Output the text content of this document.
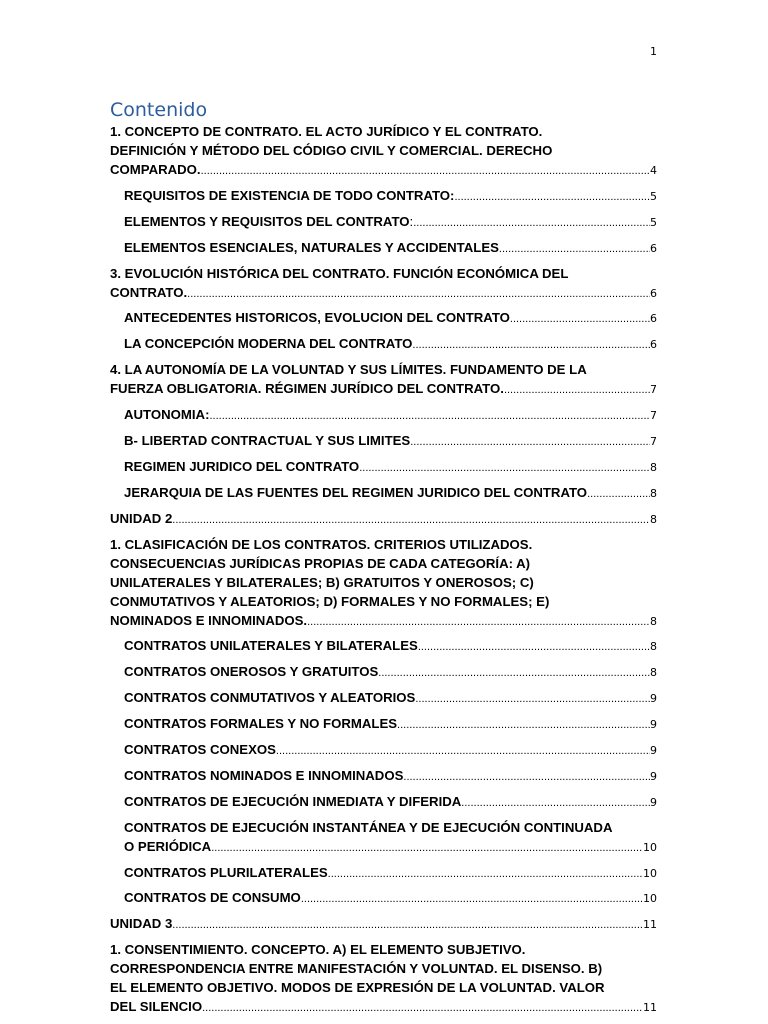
1
Contenido
1. CONCEPTO DE CONTRATO. EL ACTO JURÍDICO Y EL CONTRATO.
DEFINICIÓN Y MÉTODO DEL CÓDIGO CIVIL Y COMERCIAL. DERECHO
COMPARADO. .....	4
REQUISITOS DE EXISTENCIA DE TODO CONTRATO: .....	5
ELEMENTOS Y REQUISITOS DEL CONTRATO : .....	5
ELEMENTOS ESENCIALES, NATURALES Y ACCIDENTALES .....	6
3. EVOLUCIÓN HISTÓRICA DEL CONTRATO. FUNCIÓN ECONÓMICA DEL
CONTRATO. .....	6
ANTECEDENTES HISTORICOS, EVOLUCION DEL CONTRATO .....	6
LA CONCEPCIÓN MODERNA DEL CONTRATO .....	6
4. LA AUTONOMÍA DE LA VOLUNTAD Y SUS LÍMITES. FUNDAMENTO DE LA
FUERZA OBLIGATORIA. RÉGIMEN JURÍDICO DEL CONTRATO. .....	7
AUTONOMIA: .....	7
B- LIBERTAD CONTRACTUAL Y SUS LIMITES .....	7
REGIMEN JURIDICO DEL CONTRATO .....	8
JERARQUIA DE LAS FUENTES DEL REGIMEN JURIDICO DEL CONTRATO .....	8
UNIDAD 2 .....	8
1. CLASIFICACIÓN DE LOS CONTRATOS. CRITERIOS UTILIZADOS.
CONSECUENCIAS JURÍDICAS PROPIAS DE CADA CATEGORÍA: A)
UNILATERALES Y BILATERALES; B) GRATUITOS Y ONEROSOS; C)
CONMUTATIVOS Y ALEATORIOS; D) FORMALES Y NO FORMALES; E)
NOMINADOS E INNOMINADOS. .....	8
CONTRATOS UNILATERALES Y BILATERALES .....	8
CONTRATOS ONEROSOS Y GRATUITOS .....	8
CONTRATOS CONMUTATIVOS Y ALEATORIOS .....	9
CONTRATOS FORMALES Y NO FORMALES .....	9
CONTRATOS CONEXOS .....	9
CONTRATOS NOMINADOS E INNOMINADOS .....	9
CONTRATOS DE EJECUCIÓN INMEDIATA Y DIFERIDA .....	9
CONTRATOS DE EJECUCIÓN INSTANTÁNEA Y DE EJECUCIÓN CONTINUADA
O PERIÓDICA .....	10
CONTRATOS PLURILATERALES .....	10
CONTRATOS DE CONSUMO .....	10
UNIDAD 3 .....	11
1. CONSENTIMIENTO. CONCEPTO. A) EL ELEMENTO SUBJETIVO.
CORRESPONDENCIA ENTRE MANIFESTACIÓN Y VOLUNTAD. EL DISENSO. B)
EL ELEMENTO OBJETIVO. MODOS DE EXPRESIÓN DE LA VOLUNTAD. VALOR
DEL SILENCIO .....	11
